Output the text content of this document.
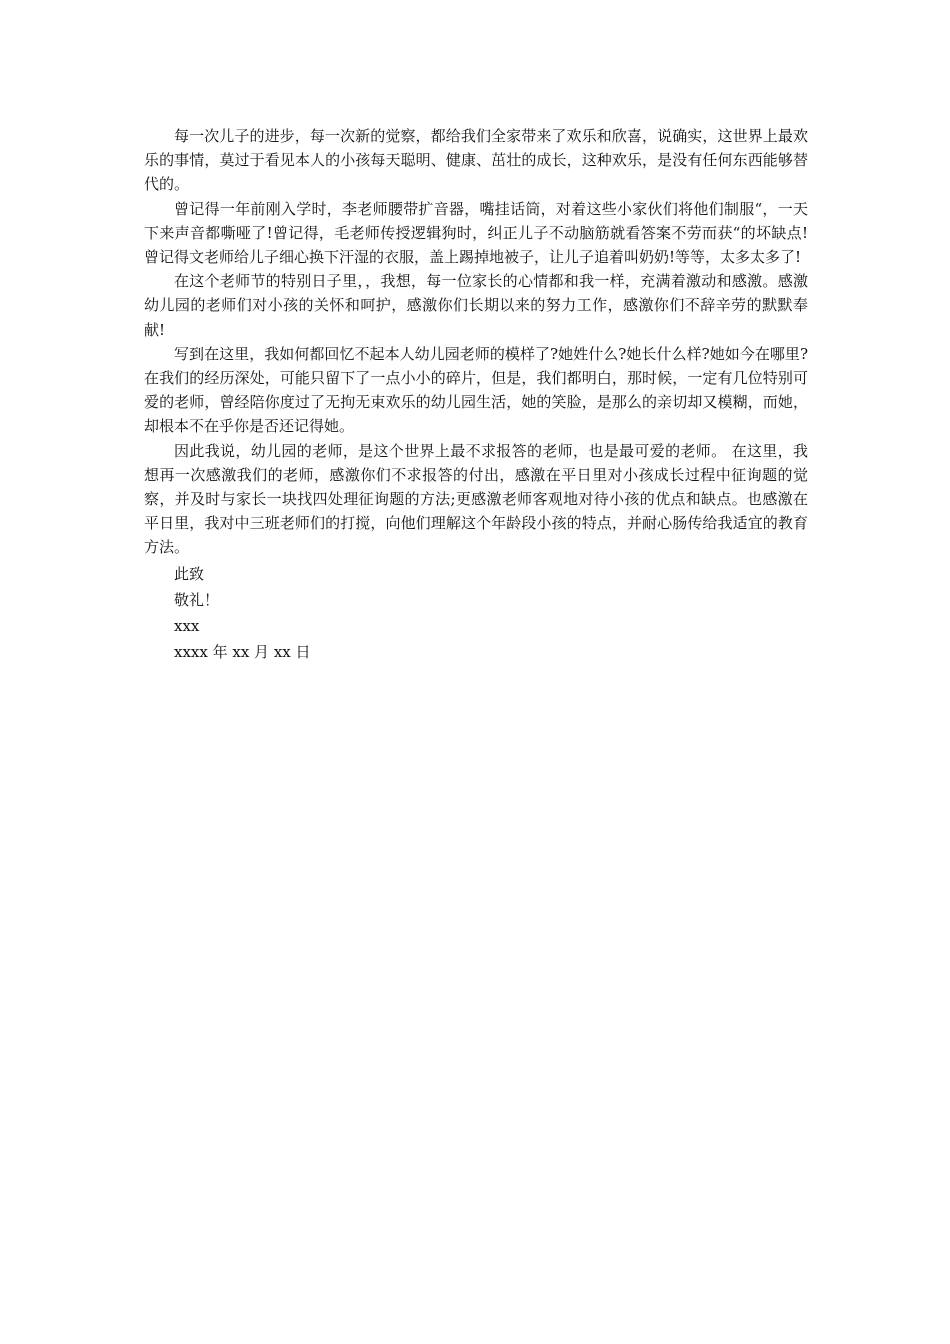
每一次儿子的进步，每一次新的觉察，都给我们全家带来了欢乐和欣喜，说确实，这世界上最欢乐的事情，莫过于看见本人的小孩每天聪明、健康、茁壮的成长，这种欢乐，是没有任何东西能够替代的。

曾记得一年前刚入学时，李老师腰带扩音器，嘴挂话筒，对着这些小家伙们将他们制服“，一天下来声音都嘶哑了!曾记得，毛老师传授逻辑狗时，纠正儿子不动脑筋就看答案不劳而获“的坏缺点!曾记得文老师给儿子细心换下汗湿的衣服，盖上踢掉地被子，让儿子追着叫奶奶!等等，太多太多了!

在这个老师节的特别日子里，，我想，每一位家长的心情都和我一样，充满着激动和感激。感激幼儿园的老师们对小孩的关怀和呵护，感激你们长期以来的努力工作，感激你们不辞辛劳的默默奉献!

写到在这里，我如何都回忆不起本人幼儿园老师的模样了?她姓什么?她长什么样?她如今在哪里?在我们的经历深处，可能只留下了一点小小的碎片，但是，我们都明白，那时候，一定有几位特别可爱的老师，曾经陪你度过了无拘无束欢乐的幼儿园生活，她的笑脸，是那么的亲切却又模糊，而她，却根本不在乎你是否还记得她。

因此我说，幼儿园的老师，是这个世界上最不求报答的老师，也是最可爱的老师。 在这里，我想再一次感激我们的老师，感激你们不求报答的付出，感激在平日里对小孩成长过程中征询题的觉察，并及时与家长一块找四处理征询题的方法;更感激老师客观地对待小孩的优点和缺点。也感激在平日里，我对中三班老师们的打搅，向他们理解这个年龄段小孩的特点，并耐心肠传给我适宜的教育方法。

此致

敬礼！

xxx

xxxx 年 xx 月 xx 日
